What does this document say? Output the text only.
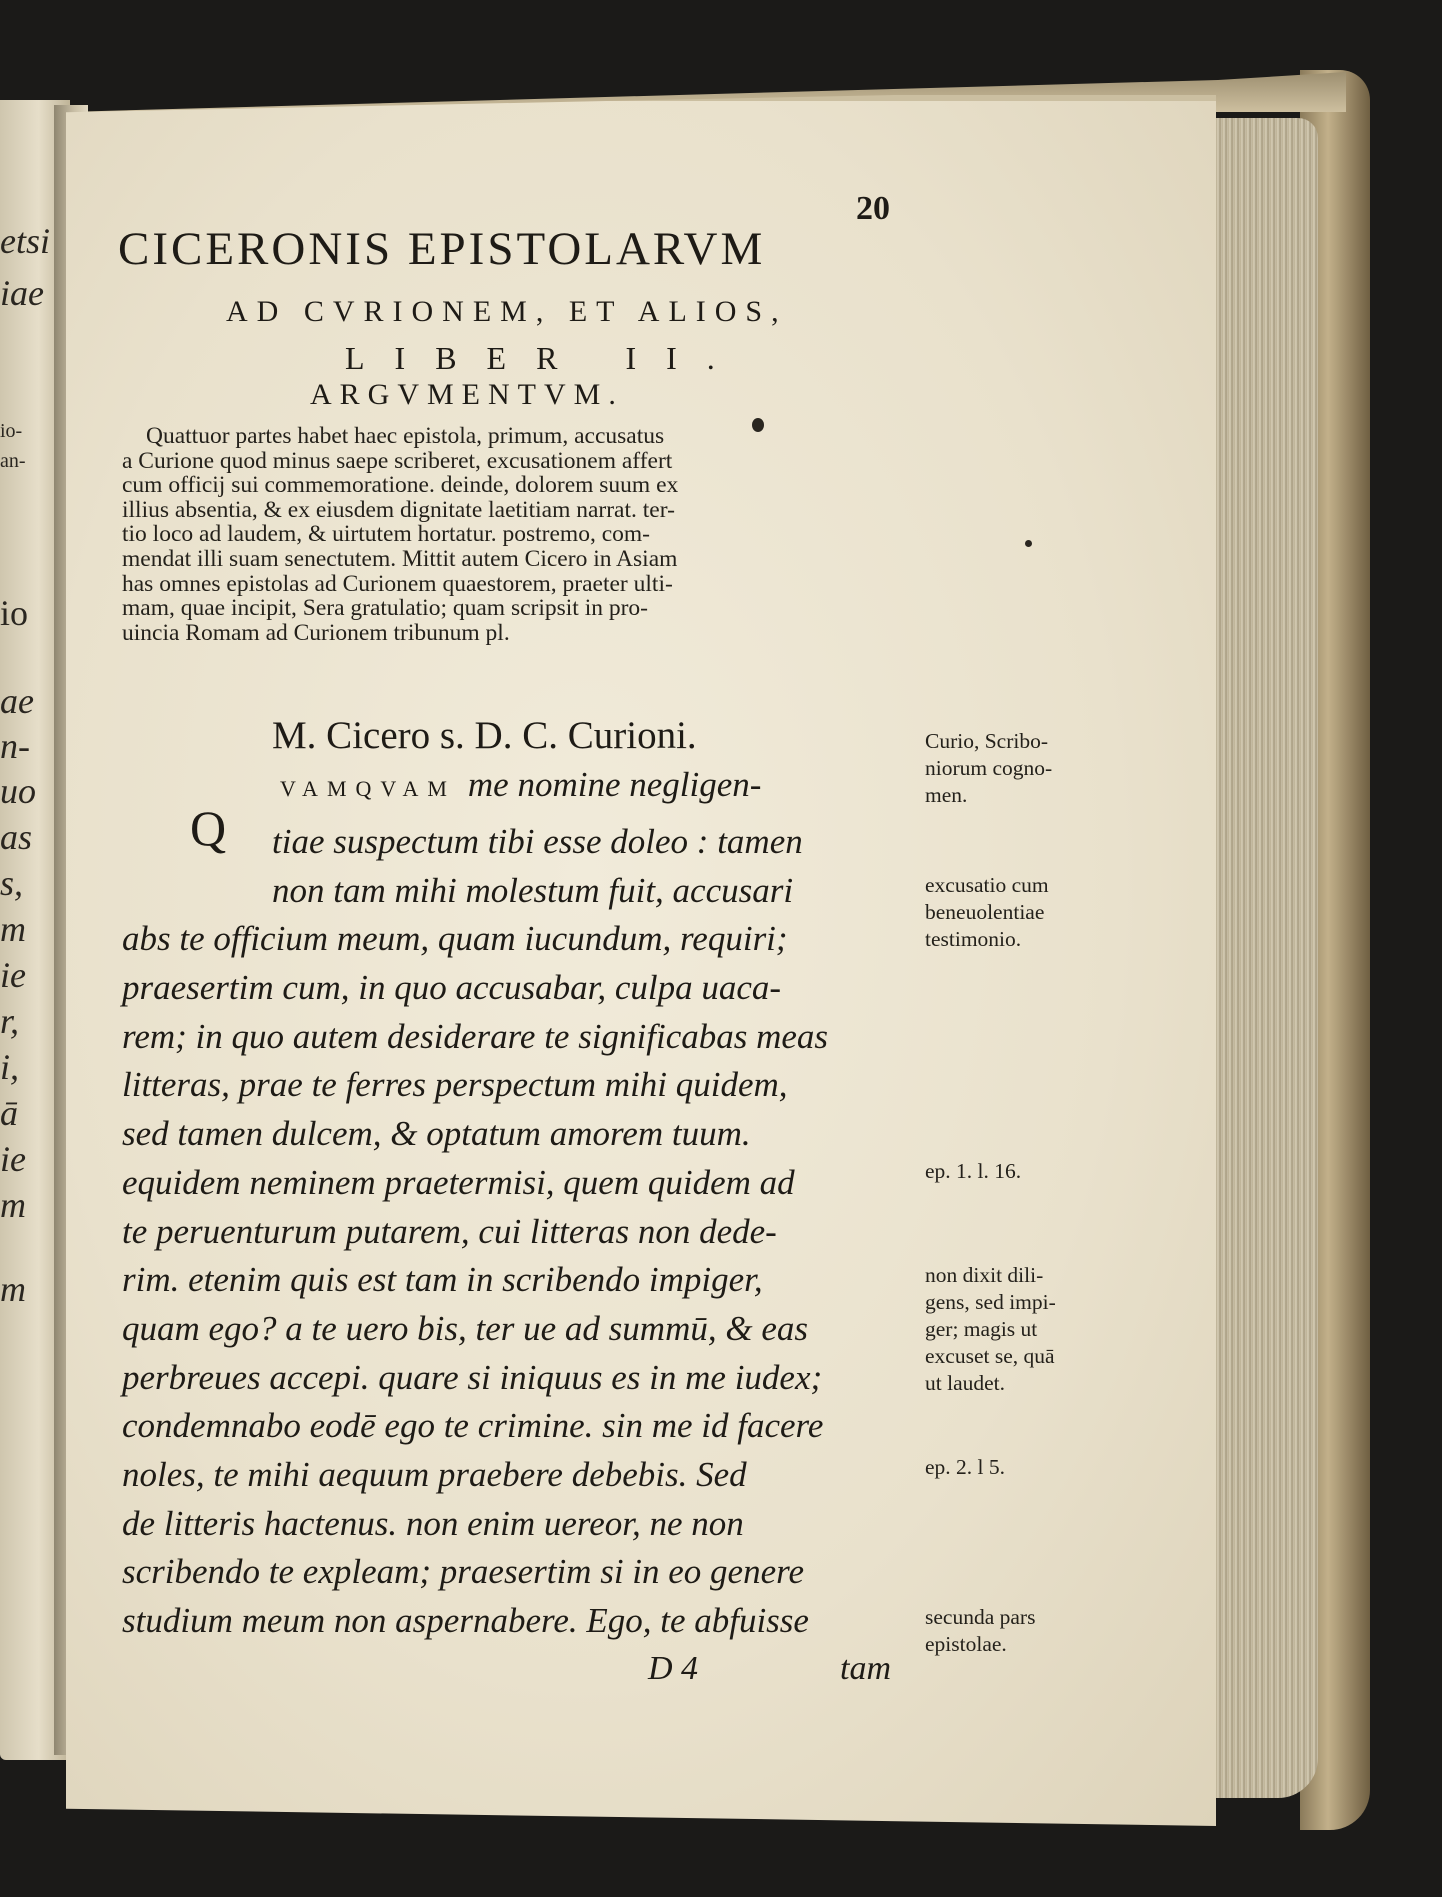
etsi
iae
io-
an-
io
ae
n-
uo
as
s,
m
ie
r,
i,
ā
ie
m
m
20
CICERONIS EPISTOLARVM
AD CVRIONEM, ET ALIOS,
LIBER II.
ARGVMENTVM.
Quattuor partes habet haec epistola, primum, accusatus
a Curione quod minus saepe scriberet, excusationem affert
cum officij sui commemoratione. deinde, dolorem suum ex
illius absentia, & ex eiusdem dignitate laetitiam narrat. ter-
tio loco ad laudem, & uirtutem hortatur. postremo, com-
mendat illi suam senectutem. Mittit autem Cicero in Asiam
has omnes epistolas ad Curionem quaestorem, praeter ulti-
mam, quae incipit, Sera gratulatio; quam scripsit in pro-
uincia Romam ad Curionem tribunum pl.
M. Cicero s. D. C. Curioni.
VAMQVAM me nomine negligen-
Q	tiae suspectum tibi esse doleo : tamen
non tam mihi molestum fuit, accusari
abs te officium meum, quam iucundum, requiri;
praesertim cum, in quo accusabar, culpa uaca-
rem; in quo autem desiderare te significabas meas
litteras, prae te ferres perspectum mihi quidem,
sed tamen dulcem, & optatum amorem tuum.
equidem neminem praetermisi, quem quidem ad
te peruenturum putarem, cui litteras non dede-
rim. etenim quis est tam in scribendo impiger,
quam ego? a te uero bis, ter ue ad summū, & eas
perbreues accepi. quare si iniquus es in me iudex;
condemnabo eodē ego te crimine. sin me id facere
noles, te mihi aequum praebere debebis. Sed
de litteris hactenus. non enim uereor, ne non
scribendo te expleam; praesertim si in eo genere
studium meum non aspernabere. Ego, te abfuisse
D 4	tam
Curio, Scribo-
niorum cogno-
men.
excusatio cum
beneuolentiae
testimonio.
ep. 1. l. 16.
non dixit dili-
gens, sed impi-
ger; magis ut
excuset se, quā
ut laudet.
ep. 2. l 5.
secunda pars
epistolae.
